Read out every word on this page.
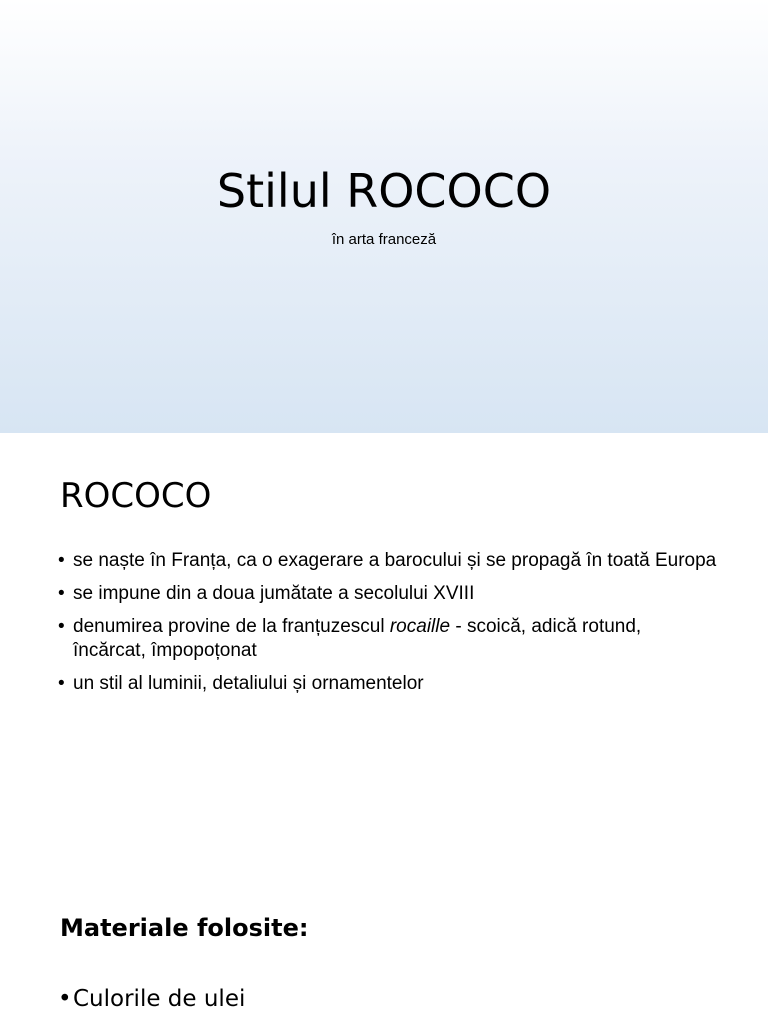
Stilul ROCOCO
în arta franceză
ROCOCO
• se naște în Franța, ca o exagerare a barocului și se propagă în toată Europa
• se impune din a doua jumătate a secolului XVIII
• denumirea provine de la franțuzescul rocaille - scoică, adică rotund, încărcat, împopoțonat
• un stil al luminii, detaliului și ornamentelor
Materiale folosite:
• Culorile de ulei
